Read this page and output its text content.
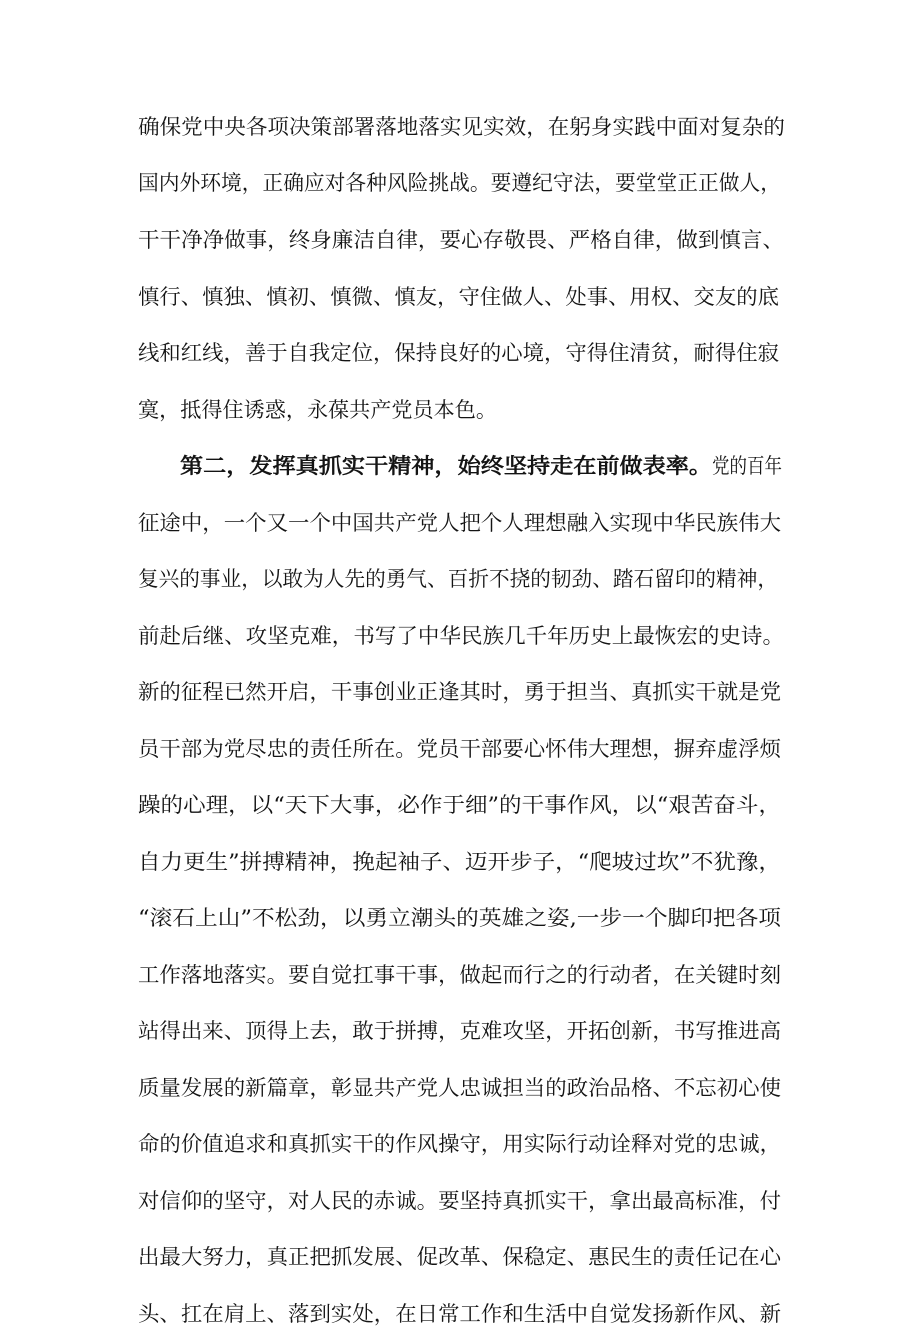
确保党中央各项决策部署落地落实见实效，在躬身实践中面对复杂的
国内外环境，正确应对各种风险挑战。要遵纪守法，要堂堂正正做人，
干干净净做事，终身廉洁自律，要心存敬畏、严格自律，做到慎言、
慎行、慎独、慎初、慎微、慎友，守住做人、处事、用权、交友的底
线和红线，善于自我定位，保持良好的心境，守得住清贫，耐得住寂
寞，抵得住诱惑，永葆共产党员本色。
第二，发挥真抓实干精神，始终坚持走在前做表率。 党的百年
征途中，一个又一个中国共产党人把个人理想融入实现中华民族伟大
复兴的事业，以敢为人先的勇气、百折不挠的韧劲、踏石留印的精神，
前赴后继、攻坚克难，书写了中华民族几千年历史上最恢宏的史诗。
新的征程已然开启，干事创业正逢其时，勇于担当、真抓实干就是党
员干部为党尽忠的责任所在。党员干部要心怀伟大理想，摒弃虚浮烦
躁的心理，以“天下大事，必作于细”的干事作风，以“艰苦奋斗，
自力更生”拼搏精神，挽起袖子、迈开步子，“爬坡过坎”不犹豫，
“滚石上山”不松劲，以勇立潮头的英雄之姿,一步一个脚印把各项
工作落地落实。要自觉扛事干事，做起而行之的行动者，在关键时刻
站得出来、顶得上去，敢于拼搏，克难攻坚，开拓创新，书写推进高
质量发展的新篇章，彰显共产党人忠诚担当的政治品格、不忘初心使
命的价值追求和真抓实干的作风操守，用实际行动诠释对党的忠诚，
对信仰的坚守，对人民的赤诚。要坚持真抓实干，拿出最高标准，付
出最大努力，真正把抓发展、促改革、保稳定、惠民生的责任记在心
头、扛在肩上、落到实处，在日常工作和生活中自觉发扬新作风、新
